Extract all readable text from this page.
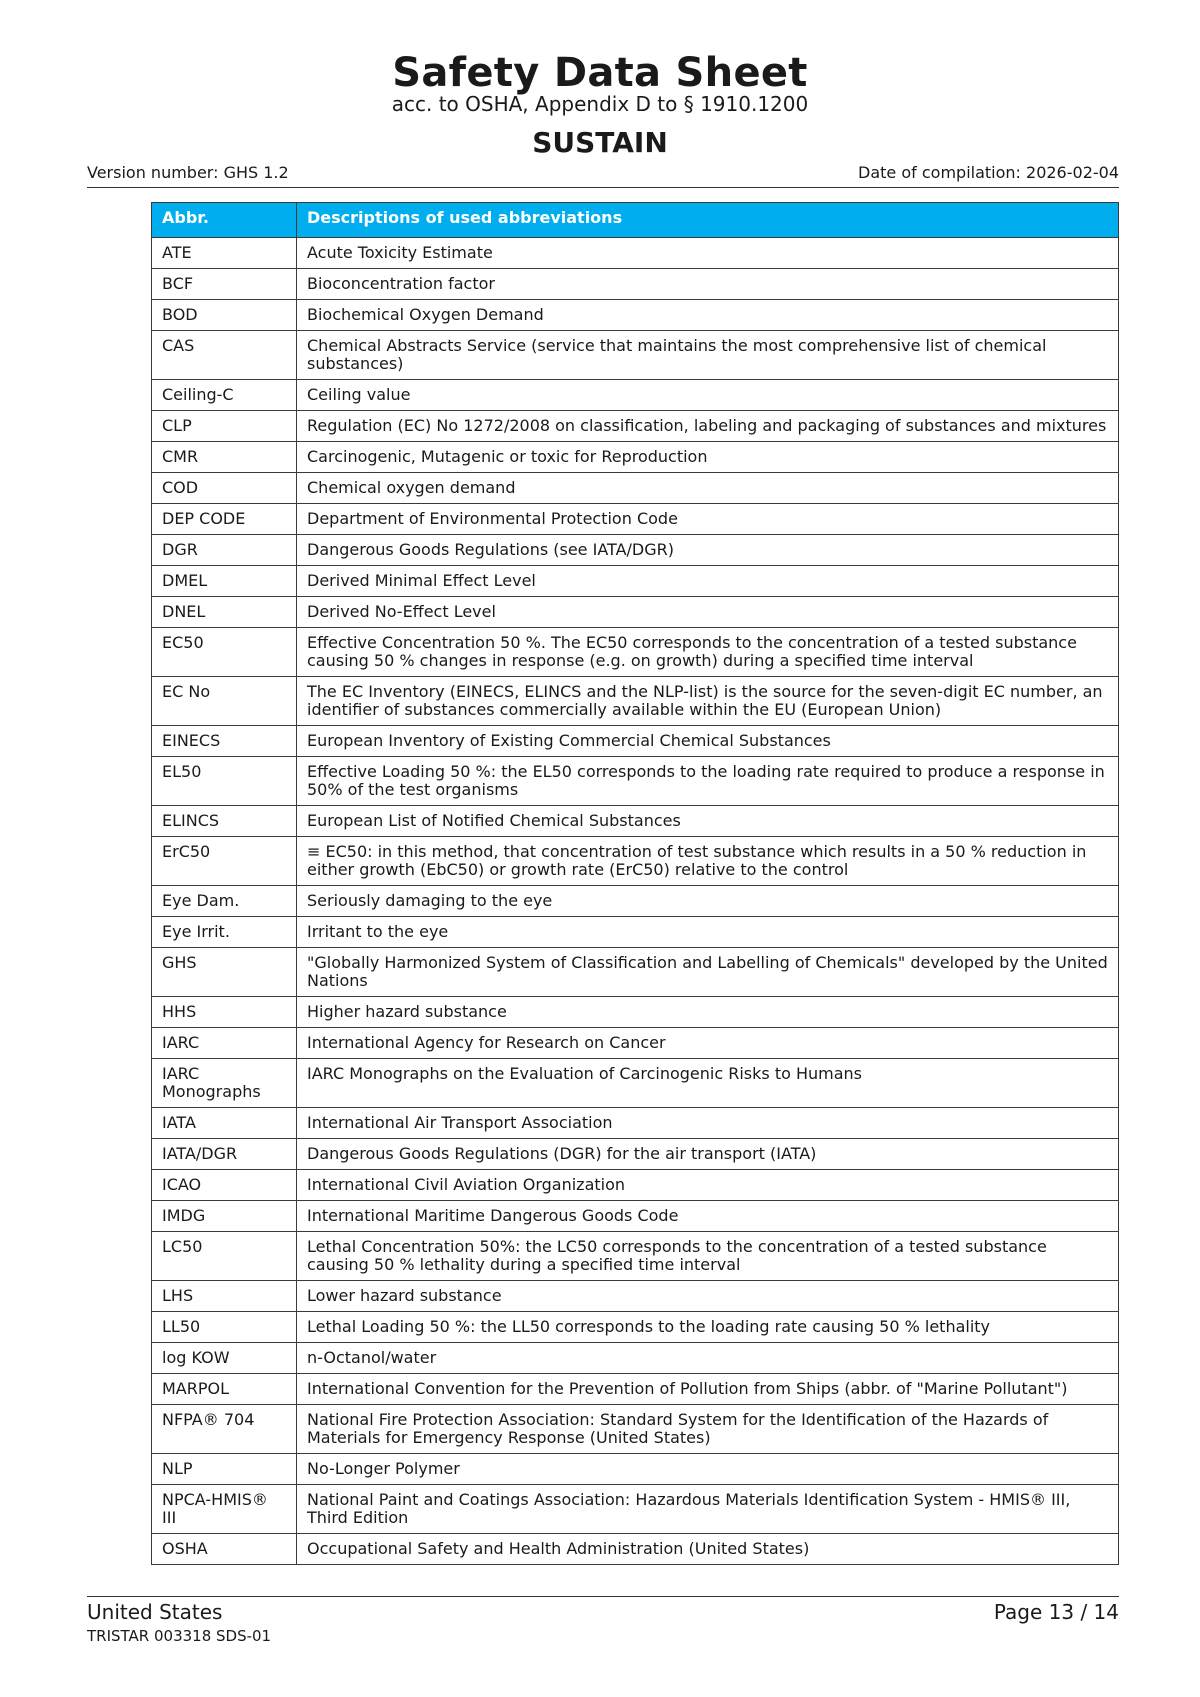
Safety Data Sheet
acc. to OSHA, Appendix D to § 1910.1200
SUSTAIN
Version number: GHS 1.2	Date of compilation: 2026-02-04
Abbr.	Descriptions of used abbreviations
ATE	Acute Toxicity Estimate
BCF	Bioconcentration factor
BOD	Biochemical Oxygen Demand
CAS	Chemical Abstracts Service (service that maintains the most comprehensive list of chemical substances)
Ceiling-C	Ceiling value
CLP	Regulation (EC) No 1272/2008 on classification, labeling and packaging of substances and mixtures
CMR	Carcinogenic, Mutagenic or toxic for Reproduction
COD	Chemical oxygen demand
DEP CODE	Department of Environmental Protection Code
DGR	Dangerous Goods Regulations (see IATA/DGR)
DMEL	Derived Minimal Effect Level
DNEL	Derived No-Effect Level
EC50	Effective Concentration 50 %. The EC50 corresponds to the concentration of a tested substance causing 50 % changes in response (e.g. on growth) during a specified time interval
EC No	The EC Inventory (EINECS, ELINCS and the NLP-list) is the source for the seven-digit EC number, an identifier of substances commercially available within the EU (European Union)
EINECS	European Inventory of Existing Commercial Chemical Substances
EL50	Effective Loading 50 %: the EL50 corresponds to the loading rate required to produce a response in 50% of the test organisms
ELINCS	European List of Notified Chemical Substances
ErC50	≡ EC50: in this method, that concentration of test substance which results in a 50 % reduction in either growth (EbC50) or growth rate (ErC50) relative to the control
Eye Dam.	Seriously damaging to the eye
Eye Irrit.	Irritant to the eye
GHS	"Globally Harmonized System of Classification and Labelling of Chemicals" developed by the United Nations
HHS	Higher hazard substance
IARC	International Agency for Research on Cancer
IARC Monographs	IARC Monographs on the Evaluation of Carcinogenic Risks to Humans
IATA	International Air Transport Association
IATA/DGR	Dangerous Goods Regulations (DGR) for the air transport (IATA)
ICAO	International Civil Aviation Organization
IMDG	International Maritime Dangerous Goods Code
LC50	Lethal Concentration 50%: the LC50 corresponds to the concentration of a tested substance causing 50 % lethality during a specified time interval
LHS	Lower hazard substance
LL50	Lethal Loading 50 %: the LL50 corresponds to the loading rate causing 50 % lethality
log KOW	n-Octanol/water
MARPOL	International Convention for the Prevention of Pollution from Ships (abbr. of "Marine Pollutant")
NFPA® 704	National Fire Protection Association: Standard System for the Identification of the Hazards of Materials for Emergency Response (United States)
NLP	No-Longer Polymer
NPCA-HMIS® III	National Paint and Coatings Association: Hazardous Materials Identification System - HMIS® III, Third Edition
OSHA	Occupational Safety and Health Administration (United States)
United States
TRISTAR 003318 SDS-01
Page 13 / 14
